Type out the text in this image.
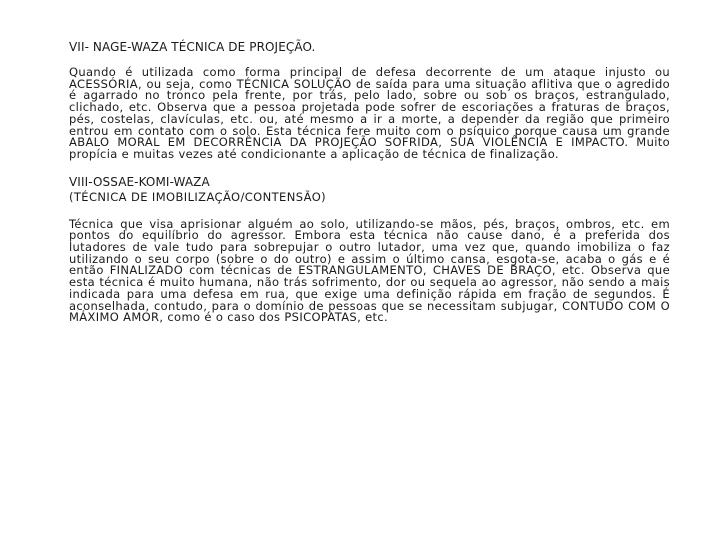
VII- NAGE-WAZA TÉCNICA DE PROJEÇÃO.

Quando é utilizada como forma principal de defesa decorrente de um ataque injusto ou ACESSÓRIA, ou seja, como TÉCNICA SOLUÇÃO de saída para uma situação aflitiva que o agredido é agarrado no tronco pela frente, por trás, pelo lado, sobre ou sob os braços, estrangulado, clichado, etc. Observa que a pessoa projetada pode sofrer de escoriações a fraturas de braços, pés, costelas, clavículas, etc. ou, até mesmo a ir a morte, a depender da região que primeiro entrou em contato com o solo. Esta técnica fere muito com o psíquico porque causa um grande ABALO MORAL EM DECORRÊNCIA DA PROJEÇÃO SOFRIDA, SUA VIOLÊNCIA E IMPACTO. Muito propícia e muitas vezes até condicionante a aplicação de técnica de finalização.

VIII-OSSAE-KOMI-WAZA

(TÉCNICA DE IMOBILIZAÇÃO/CONTENSÃO)

Técnica que visa aprisionar alguém ao solo, utilizando-se mãos, pés, braços, ombros, etc. em pontos do equilíbrio do agressor. Embora esta técnica não cause dano, é a preferida dos lutadores de vale tudo para sobrepujar o outro lutador, uma vez que, quando imobiliza o faz utilizando o seu corpo (sobre o do outro) e assim o último cansa, esgota-se, acaba o gás e é então FINALIZADO com técnicas de ESTRANGULAMENTO, CHAVES DE BRAÇO, etc. Observa que esta técnica é muito humana, não trás sofrimento, dor ou sequela ao agressor, não sendo a mais indicada para uma defesa em rua, que exige uma definição rápida em fração de segundos. É aconselhada, contudo, para o domínio de pessoas que se necessitam subjugar, CONTUDO COM O MÁXIMO AMOR, como é o caso dos PSICOPATAS, etc.
